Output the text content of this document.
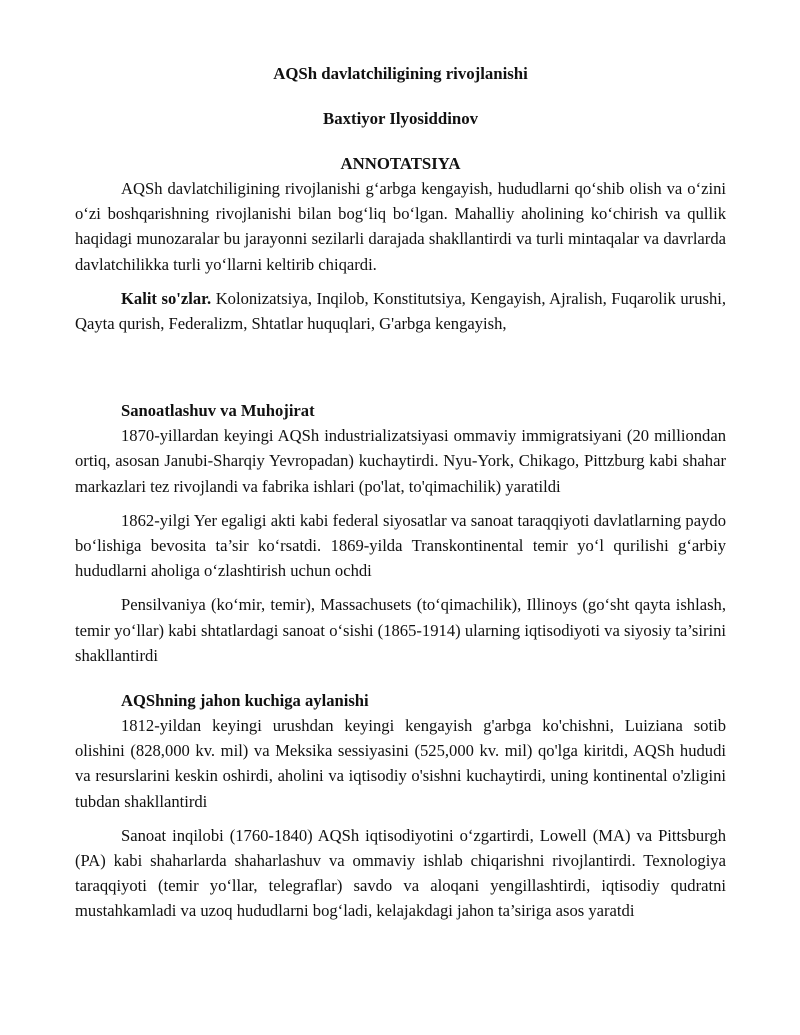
AQSh davlatchiligining rivojlanishi
Baxtiyor Ilyosiddinov
ANNOTATSIYA

AQSh davlatchiligining rivojlanishi g‘arbga kengayish, hududlarni qo‘shib olish va o‘zini o‘zi boshqarishning rivojlanishi bilan bog‘liq bo‘lgan. Mahalliy aholining ko‘chirish va qullik haqidagi munozaralar bu jarayonni sezilarli darajada shakllantirdi va turli mintaqalar va davrlarda davlatchilikka turli yo‘llarni keltirib chiqardi.

Kalit so'zlar. Kolonizatsiya, Inqilob, Konstitutsiya, Kengayish, Ajralish, Fuqarolik urushi, Qayta qurish, Federalizm, Shtatlar huquqlari, G'arbga kengayish,

Sanoatlashuv va Muhojirat

1870-yillardan keyingi AQSh industrializatsiyasi ommaviy immigratsiyani (20 milliondan ortiq, asosan Janubi-Sharqiy Yevropadan) kuchaytirdi. Nyu-York, Chikago, Pittzburg kabi shahar markazlari tez rivojlandi va fabrika ishlari (po'lat, to'qimachilik) yaratildi

1862-yilgi Yer egaligi akti kabi federal siyosatlar va sanoat taraqqiyoti davlatlarning paydo bo‘lishiga bevosita ta’sir ko‘rsatdi. 1869-yilda Transkontinental temir yo‘l qurilishi g‘arbiy hududlarni aholiga o‘zlashtirish uchun ochdi

Pensilvaniya (ko‘mir, temir), Massachusets (to‘qimachilik), Illinoys (go‘sht qayta ishlash, temir yo‘llar) kabi shtatlardagi sanoat o‘sishi (1865-1914) ularning iqtisodiyoti va siyosiy ta’sirini shakllantirdi

AQShning jahon kuchiga aylanishi

1812-yildan keyingi urushdan keyingi kengayish g'arbga ko'chishni, Luiziana sotib olishini (828,000 kv. mil) va Meksika sessiyasini (525,000 kv. mil) qo'lga kiritdi, AQSh hududi va resurslarini keskin oshirdi, aholini va iqtisodiy o'sishni kuchaytirdi, uning kontinental o'zligini tubdan shakllantirdi

Sanoat inqilobi (1760-1840) AQSh iqtisodiyotini o‘zgartirdi, Lowell (MA) va Pittsburgh (PA) kabi shaharlarda shaharlashuv va ommaviy ishlab chiqarishni rivojlantirdi. Texnologiya taraqqiyoti (temir yo‘llar, telegraflar) savdo va aloqani yengillashtirdi, iqtisodiy qudratni mustahkamladi va uzoq hududlarni bog‘ladi, kelajakdagi jahon ta’siriga asos yaratdi
